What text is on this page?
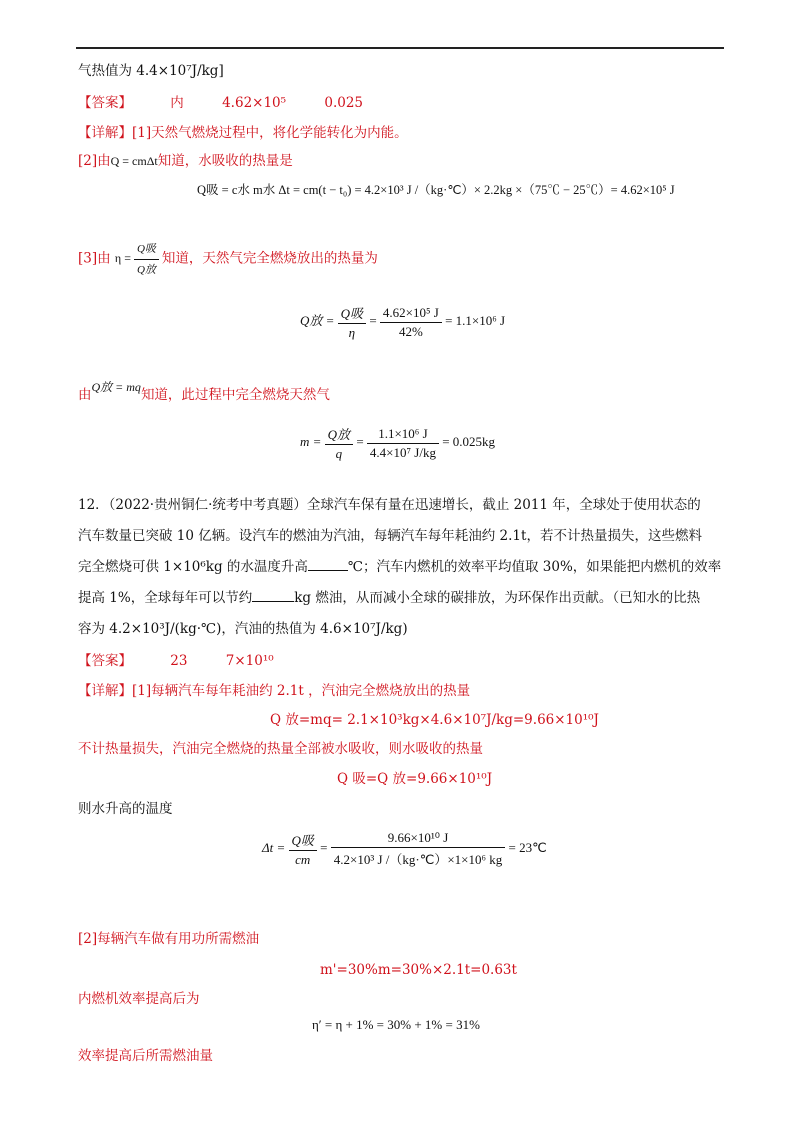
气热值为 4.4×10⁷J/kg]
【答案】	内	4.62×10⁵	0.025
【详解】[1]天然气燃烧过程中，将化学能转化为内能。
[2]由Q = cmΔt知道，水吸收的热量是
Q吸 = c水 m水 Δt = cm(t − t₀) = 4.2×10³ J /（kg·℃）× 2.2kg ×（75℃ − 25℃）= 4.62×10⁵ J
[3]由 $\eta = \frac{\text{Q吸}}{\text{Q放}}$ 知道，天然气完全燃烧放出的热量为
Q放 = $\frac{\text{Q吸}}{\eta} = \frac{\text{4.62×10⁵ J}}{42\%} = 1.1\times 10^6$ J
由Q放 = mq知道，此过程中完全燃烧天然气
$m = \frac{\text{Q放}}{q} = \frac{\text{1.1×10⁶ J}}{\text{4.4×10⁷ J/kg}} = 0.025kg$
12．（2022·贵州铜仁·统考中考真题）全球汽车保有量在迅速增长，截止 2011 年，全球处于使用状态的
汽车数量已突破 10 亿辆。设汽车的燃油为汽油，每辆汽车每年耗油约 2.1t，若不计热量损失，这些燃料
完全燃烧可供 1×10⁶kg 的水温度升高	℃；汽车内燃机的效率平均值取 30%，如果能把内燃机的效率
提高 1%，全球每年可以节约	kg 燃油，从而减小全球的碳排放，为环保作出贡献。（已知水的比热
容为 4.2×10³J/(kg·℃)，汽油的热值为 4.6×10⁷J/kg)
【答案】	23	7×10¹⁰
【详解】[1]每辆汽车每年耗油约 2.1t ，汽油完全燃烧放出的热量
Q 放=mq= 2.1×10³kg×4.6×10⁷J/kg=9.66×10¹⁰J
不计热量损失，汽油完全燃烧的热量全部被水吸收，则水吸收的热量
Q 吸=Q 放=9.66×10¹⁰J
则水升高的温度
$\Delta t = \frac{\text{Q吸}}{cm} = \frac{\text{9.66×10¹⁰ J}}{\text{4.2×10³ J /（kg·℃）×1×10⁶ kg}}$ = 23℃
[2]每辆汽车做有用功所需燃油
m'=30%m=30%×2.1t=0.63t
内燃机效率提高后为
η′ = η + 1% = 30% + 1% = 31%
效率提高后所需燃油量
